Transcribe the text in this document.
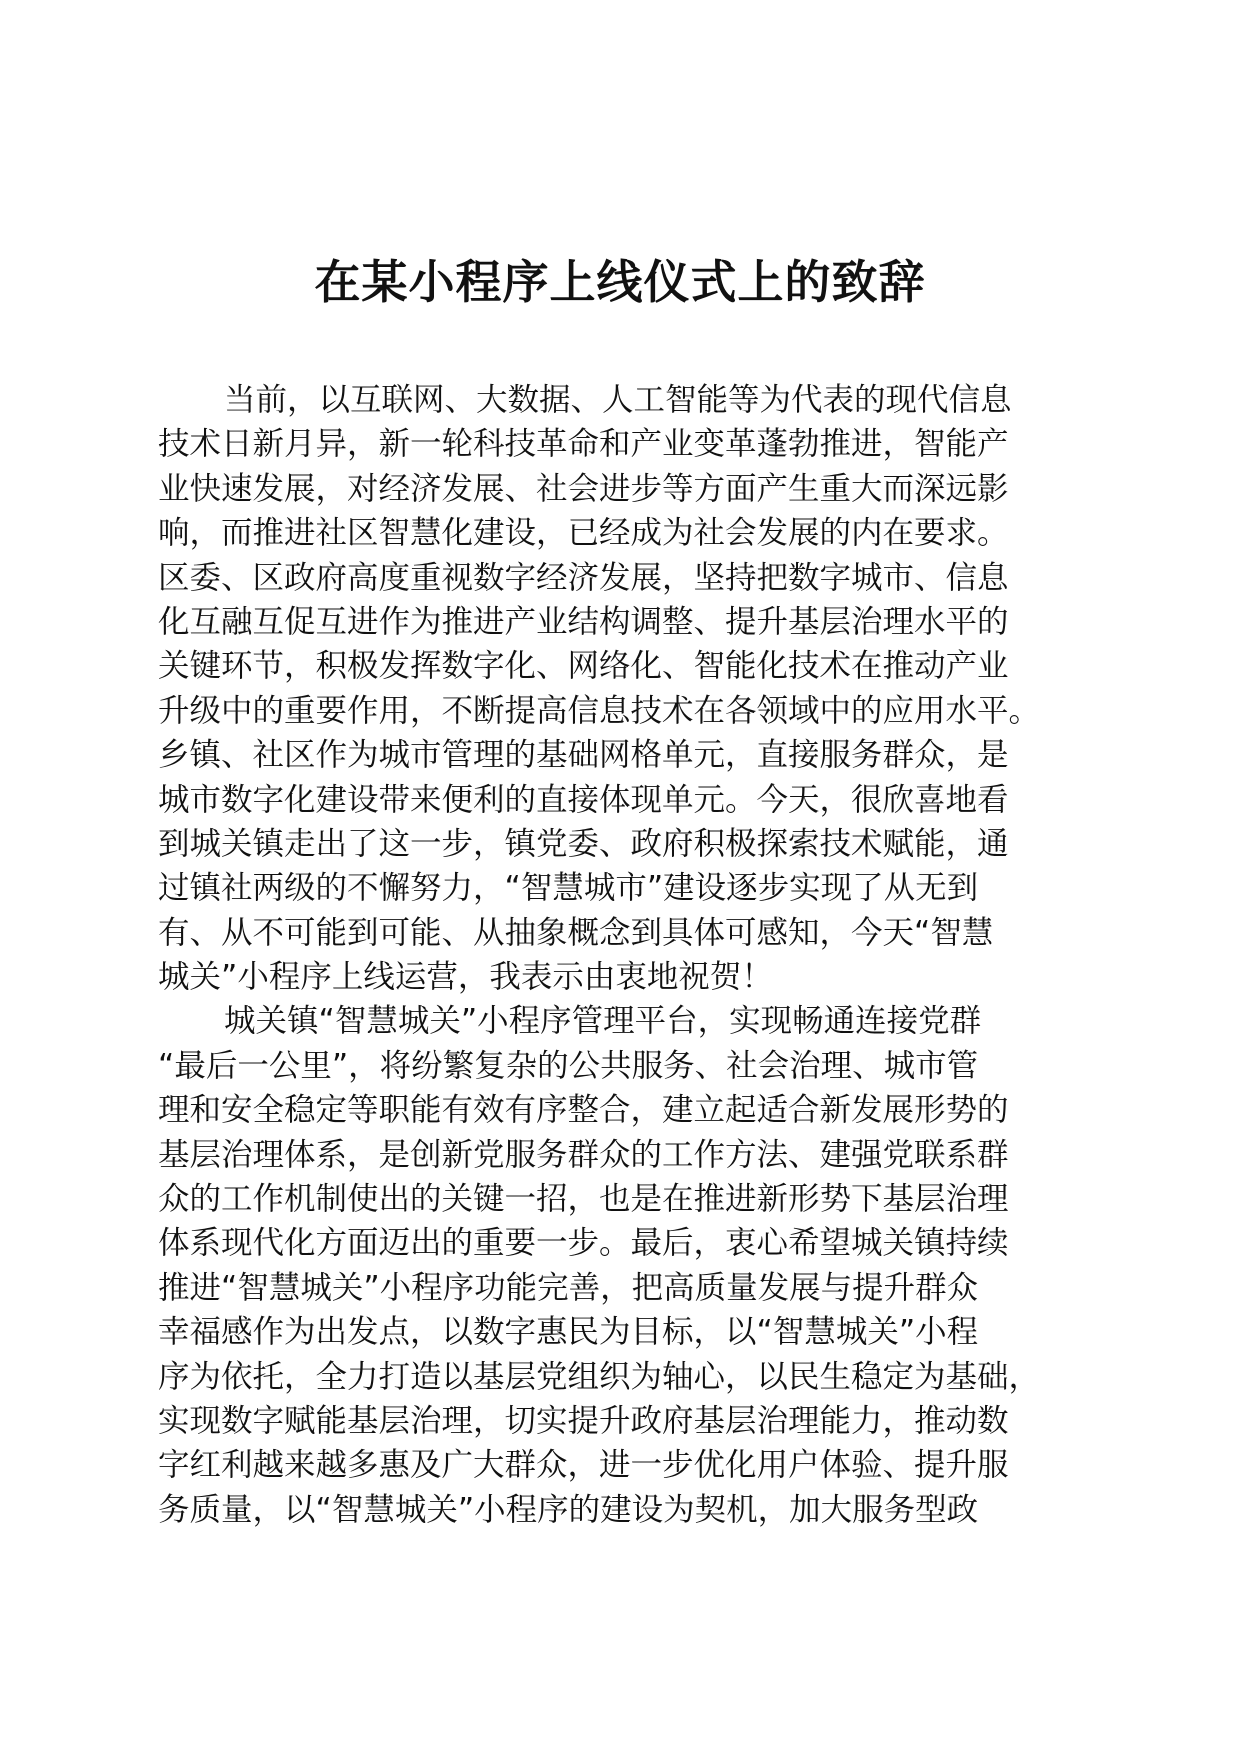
在某小程序上线仪式上的致辞
当前，以互联网、大数据、人工智能等为代表的现代信息
技术日新月异，新一轮科技革命和产业变革蓬勃推进，智能产
业快速发展，对经济发展、社会进步等方面产生重大而深远影
响，而推进社区智慧化建设，已经成为社会发展的内在要求。
区委、区政府高度重视数字经济发展，坚持把数字城市、信息
化互融互促互进作为推进产业结构调整、提升基层治理水平的
关键环节，积极发挥数字化、网络化、智能化技术在推动产业
升级中的重要作用，不断提高信息技术在各领域中的应用水平。
乡镇、社区作为城市管理的基础网格单元，直接服务群众，是
城市数字化建设带来便利的直接体现单元。今天，很欣喜地看
到城关镇走出了这一步，镇党委、政府积极探索技术赋能，通
过镇社两级的不懈努力，“智慧城市”建设逐步实现了从无到
有、从不可能到可能、从抽象概念到具体可感知，今天“智慧
城关”小程序上线运营，我表示由衷地祝贺！
城关镇“智慧城关”小程序管理平台，实现畅通连接党群
“最后一公里”，将纷繁复杂的公共服务、社会治理、城市管
理和安全稳定等职能有效有序整合，建立起适合新发展形势的
基层治理体系，是创新党服务群众的工作方法、建强党联系群
众的工作机制使出的关键一招，也是在推进新形势下基层治理
体系现代化方面迈出的重要一步。最后，衷心希望城关镇持续
推进“智慧城关”小程序功能完善，把高质量发展与提升群众
幸福感作为出发点，以数字惠民为目标，以“智慧城关”小程
序为依托，全力打造以基层党组织为轴心，以民生稳定为基础，
实现数字赋能基层治理，切实提升政府基层治理能力，推动数
字红利越来越多惠及广大群众，进一步优化用户体验、提升服
务质量，以“智慧城关”小程序的建设为契机，加大服务型政
